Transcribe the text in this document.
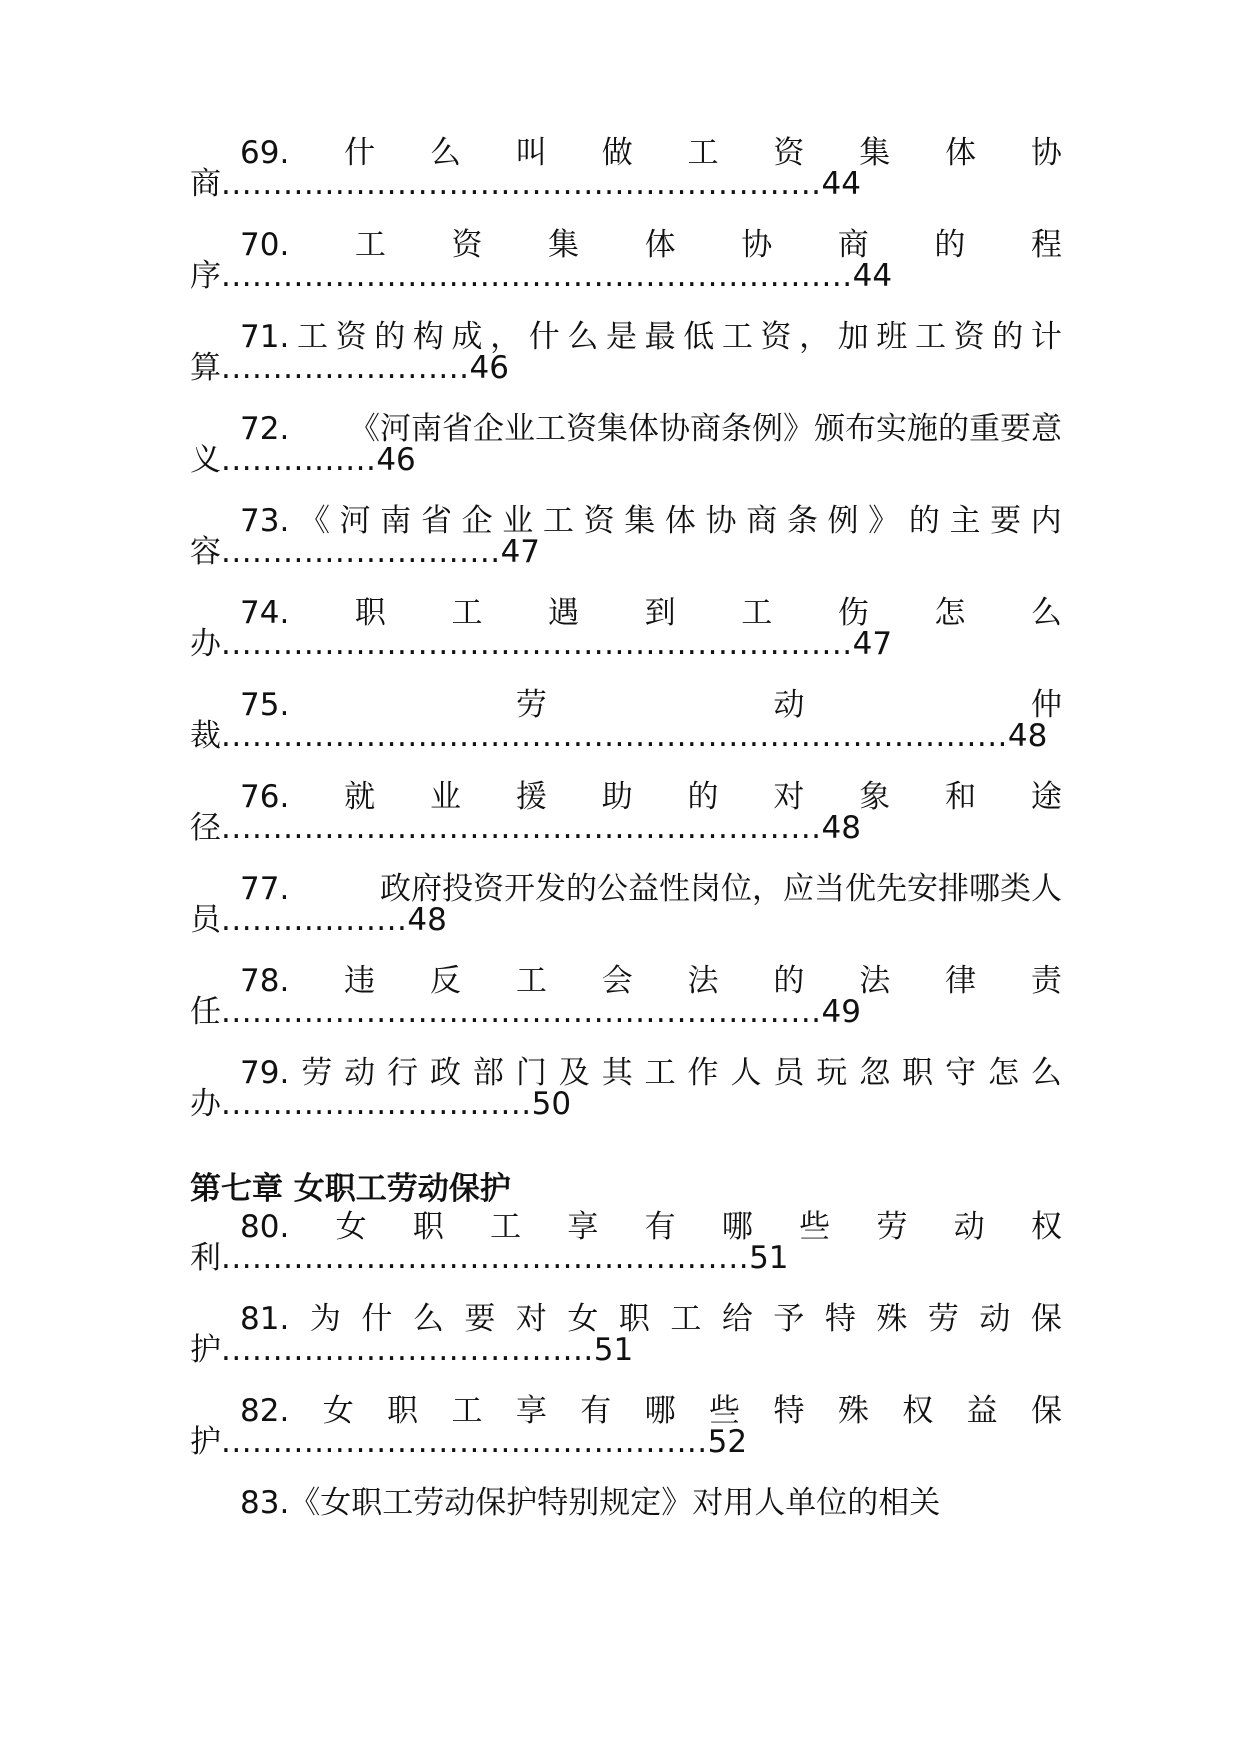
69. 什 么 叫 做 工 资 集 体 协
商..........................................................44
70. 工 资 集 体 协 商 的 程
序.............................................................44
71. 工 资 的 构 成 ， 什 么 是 最 低 工 资 ， 加 班 工 资 的 计
算........................46
72. 《河南省企业工资集体协商条例》颁布实施的重要意
义...............46
73. 《 河 南 省 企 业 工 资 集 体 协 商 条 例 》 的 主 要 内
容...........................47
74. 职 工 遇 到 工 伤 怎 么
办.............................................................47
75.	劳	动	仲
裁............................................................................48
76. 就 业 援 助 的 对 象 和 途
径..........................................................48
77.	政府投资开发的公益性岗位，应当优先安排哪类人
员..................48
78. 违 反 工 会 法 的 法 律 责
任..........................................................49
79. 劳 动 行 政 部 门 及 其 工 作 人 员 玩 忽 职 守 怎 么
办..............................50
第七章 女职工劳动保护
80. 女 职 工 享 有 哪 些 劳 动 权
利...................................................51
81. 为 什 么 要 对 女 职 工 给 予 特 殊 劳 动 保
护....................................51
82. 女 职 工 享 有 哪 些 特 殊 权 益 保
护...............................................52
83.《女职工劳动保护特别规定》对用人单位的相关
